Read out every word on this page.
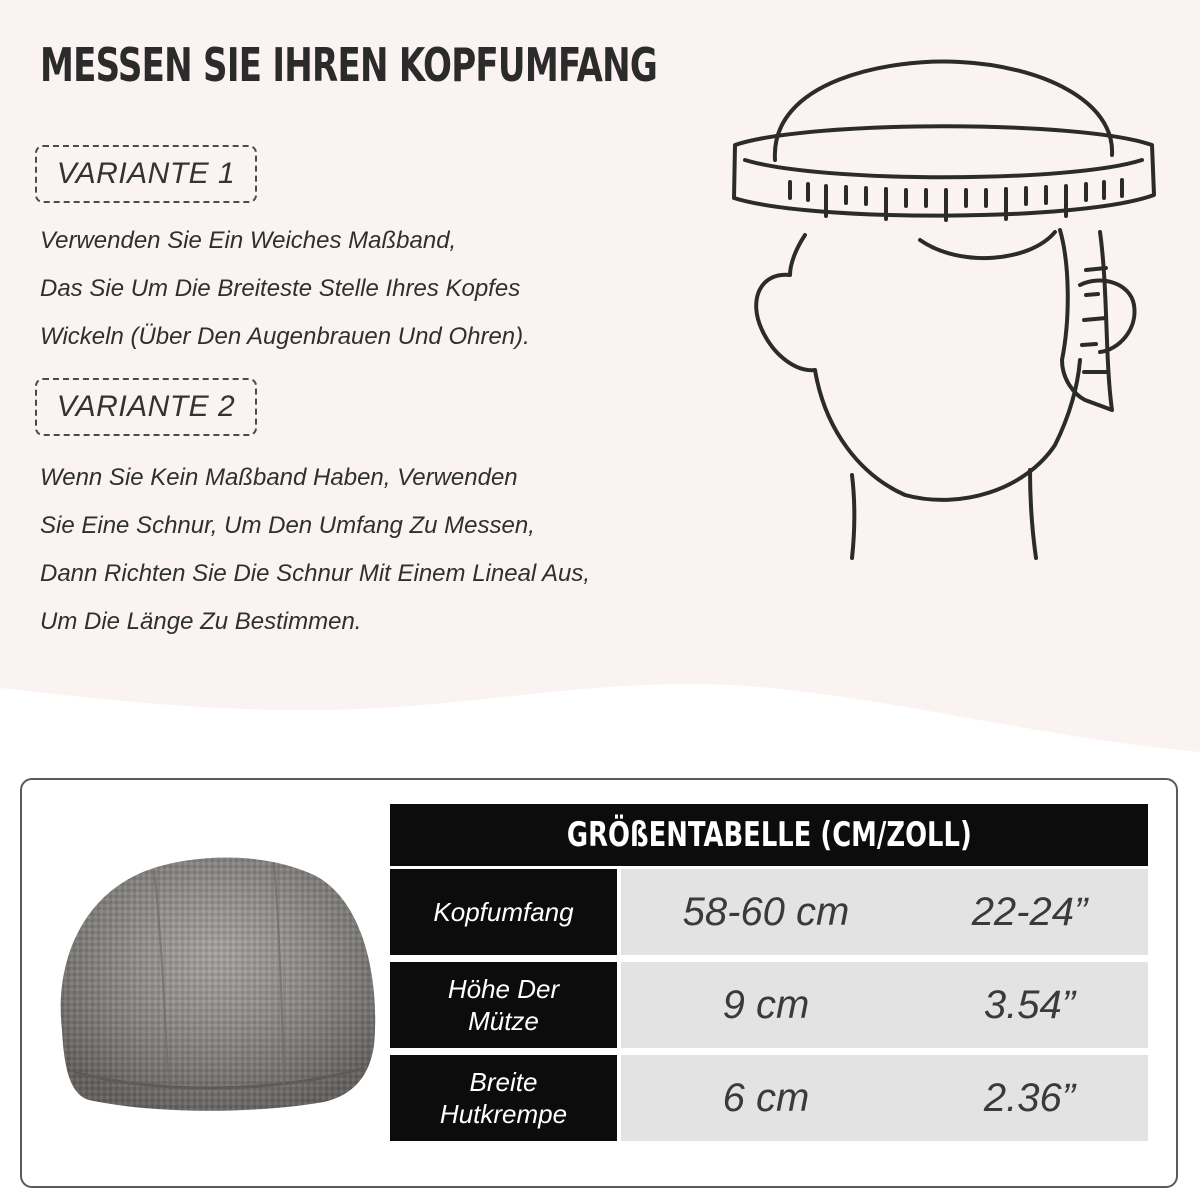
MESSEN SIE IHREN KOPFUMFANG
VARIANTE 1
Verwenden Sie Ein Weiches Maßband,
Das Sie Um Die Breiteste Stelle Ihres Kopfes
Wickeln (Über Den Augenbrauen Und Ohren).
VARIANTE 2
Wenn Sie Kein Maßband Haben, Verwenden
Sie Eine Schnur, Um Den Umfang Zu Messen,
Dann Richten Sie Die Schnur Mit Einem Lineal Aus,
Um Die Länge Zu Bestimmen.
GRÖßENTABELLE (CM/ZOLL)
Kopfumfang	58-60 cm	22-24”
Höhe Der
Mütze	9 cm	3.54”
Breite
Hutkrempe	6 cm	2.36”
